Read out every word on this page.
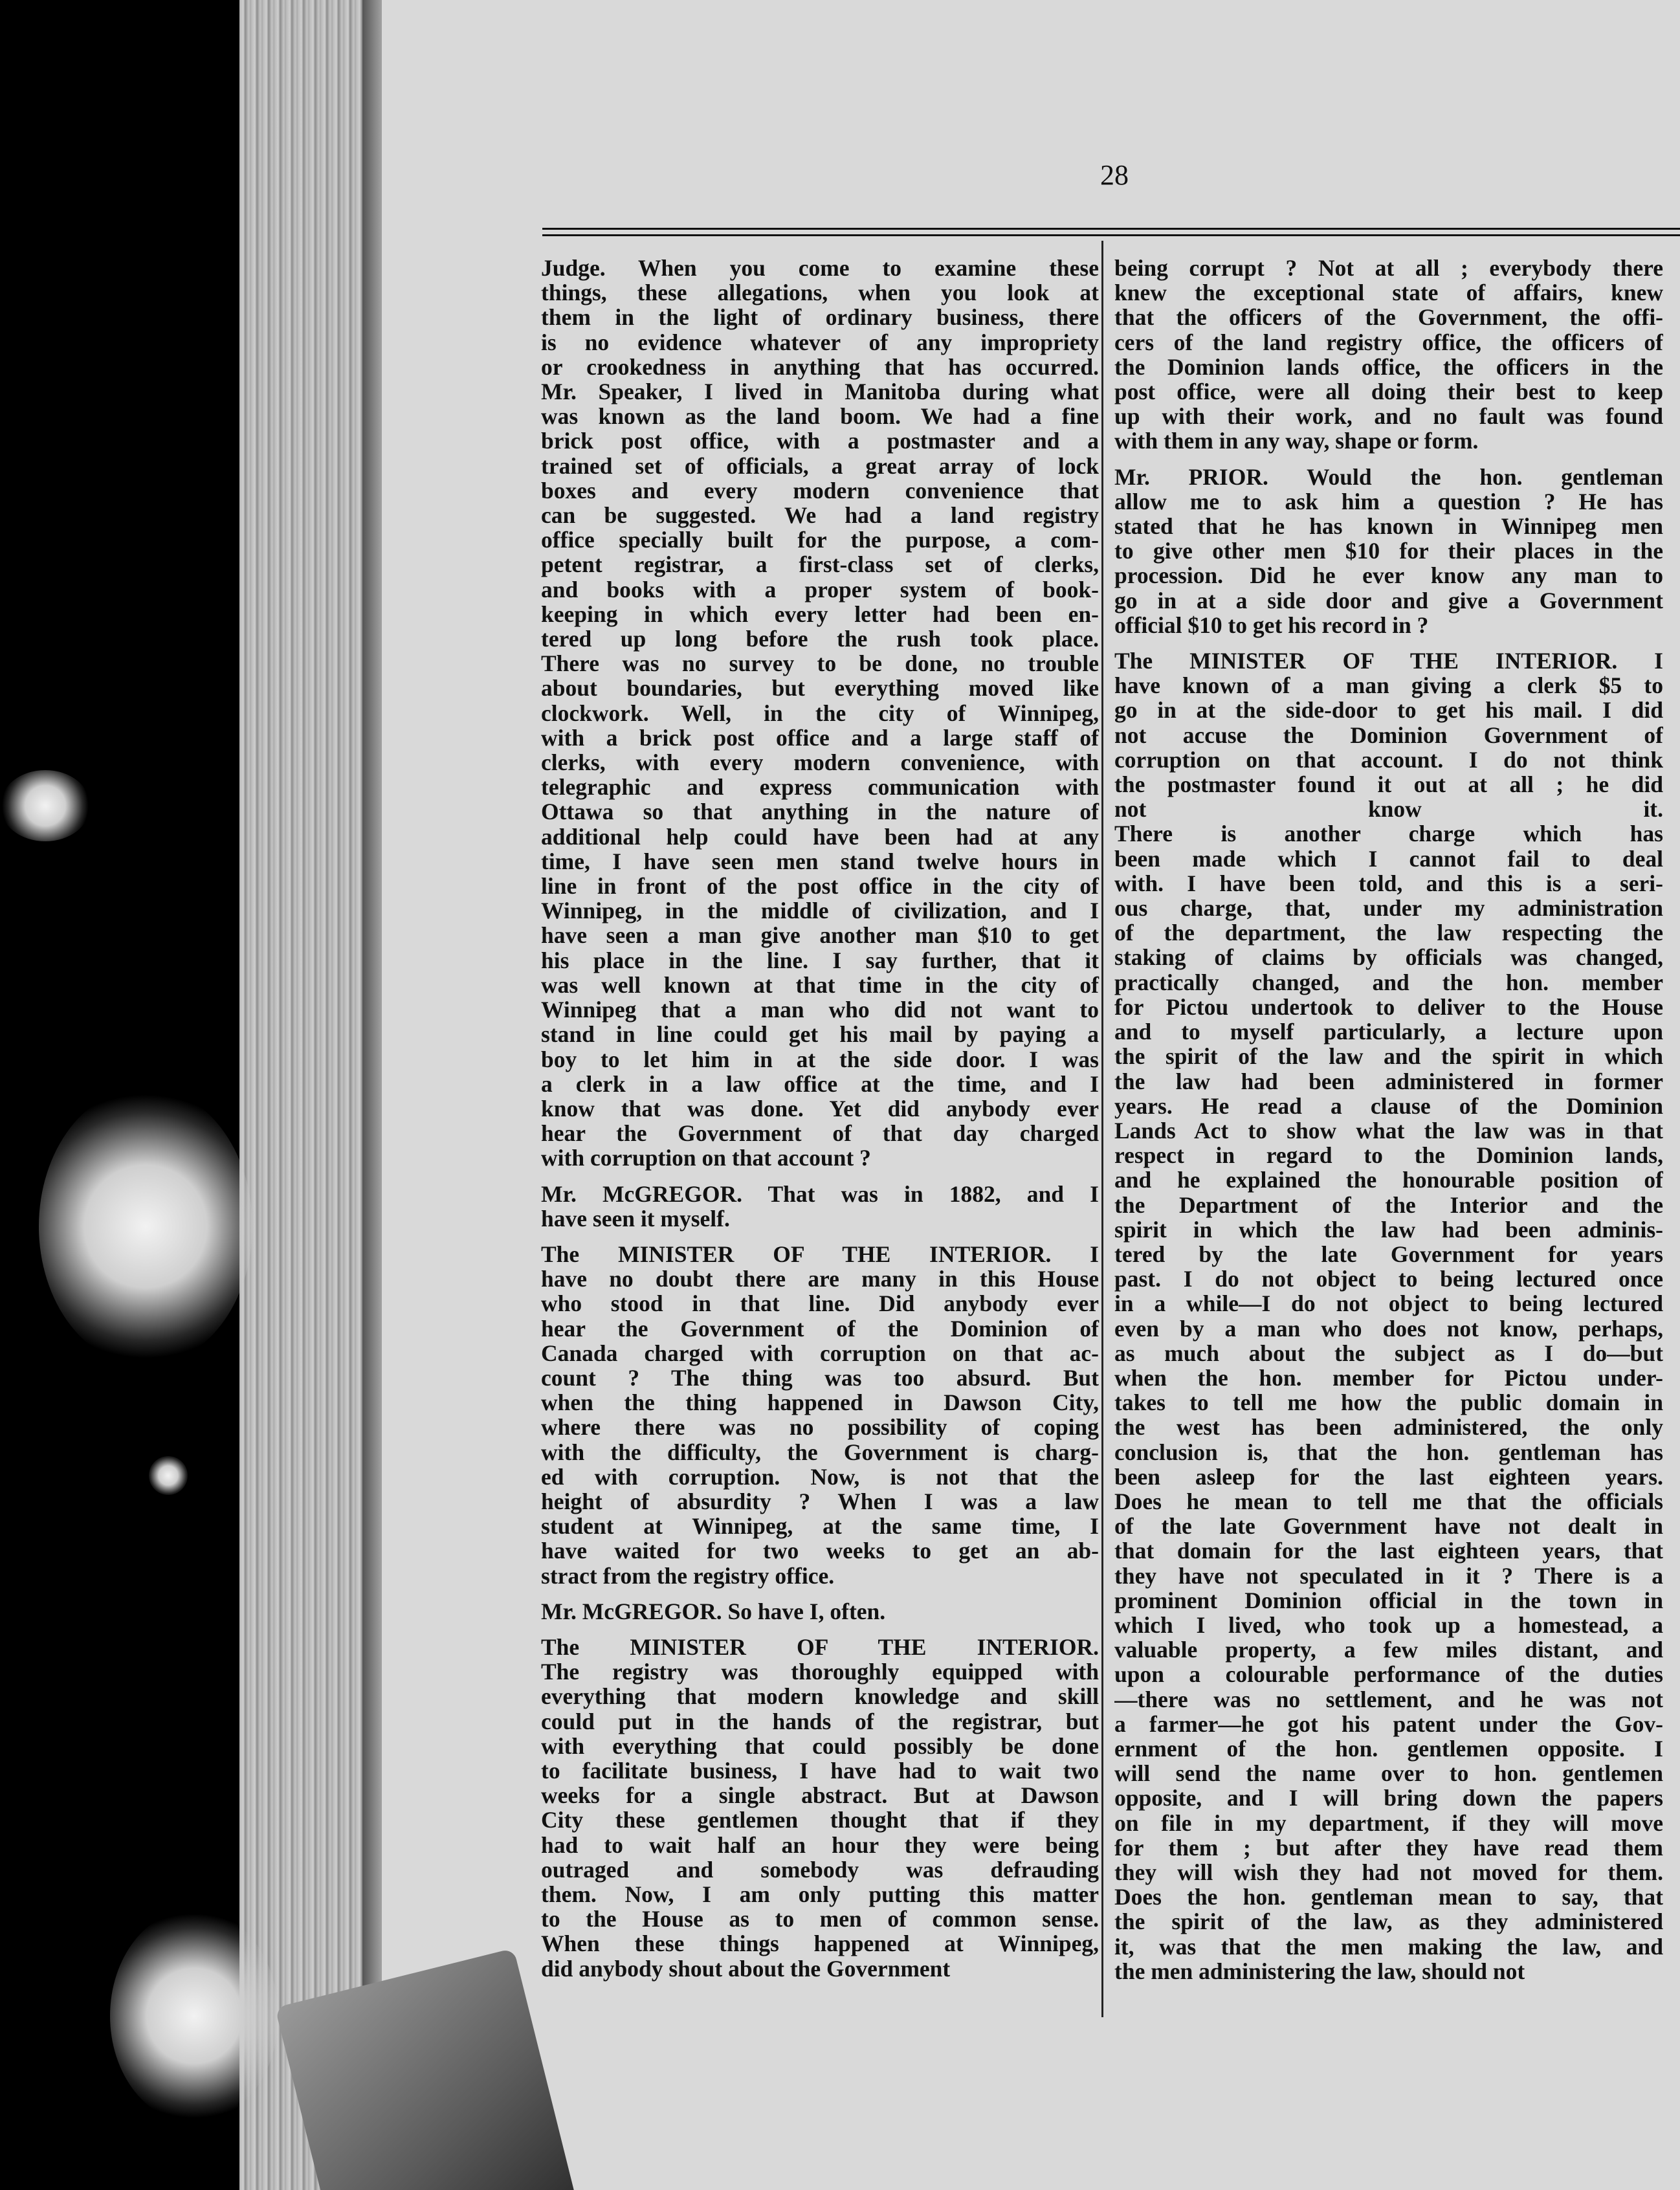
28
Judge. When you come to examine these
things, these allegations, when you look at
them in the light of ordinary business, there
is no evidence whatever of any impropriety
or crookedness in anything that has occurred.
Mr. Speaker, I lived in Manitoba during what
was known as the land boom. We had a fine
brick post office, with a postmaster and a
trained set of officials, a great array of lock
boxes and every modern convenience that
can be suggested. We had a land registry
office specially built for the purpose, a com-
petent registrar, a first-class set of clerks,
and books with a proper system of book-
keeping in which every letter had been en-
tered up long before the rush took place.
There was no survey to be done, no trouble
about boundaries, but everything moved like
clockwork. Well, in the city of Winnipeg,
with a brick post office and a large staff of
clerks, with every modern convenience, with
telegraphic and express communication with
Ottawa so that anything in the nature of
additional help could have been had at any
time, I have seen men stand twelve hours in
line in front of the post office in the city of
Winnipeg, in the middle of civilization, and I
have seen a man give another man $10 to get
his place in the line. I say further, that it
was well known at that time in the city of
Winnipeg that a man who did not want to
stand in line could get his mail by paying a
boy to let him in at the side door. I was
a clerk in a law office at the time, and I
know that was done. Yet did anybody ever
hear the Government of that day charged
with corruption on that account ?
Mr. McGREGOR. That was in 1882, and I
have seen it myself.
The MINISTER OF THE INTERIOR. I
have no doubt there are many in this House
who stood in that line. Did anybody ever
hear the Government of the Dominion of
Canada charged with corruption on that ac-
count ? The thing was too absurd. But
when the thing happened in Dawson City,
where there was no possibility of coping
with the difficulty, the Government is charg-
ed with corruption. Now, is not that the
height of absurdity ? When I was a law
student at Winnipeg, at the same time, I
have waited for two weeks to get an ab-
stract from the registry office.
Mr. McGREGOR. So have I, often.
The MINISTER OF THE INTERIOR.
The registry was thoroughly equipped with
everything that modern knowledge and skill
could put in the hands of the registrar, but
with everything that could possibly be done
to facilitate business, I have had to wait two
weeks for a single abstract. But at Dawson
City these gentlemen thought that if they
had to wait half an hour they were being
outraged and somebody was defrauding
them. Now, I am only putting this matter
to the House as to men of common sense.
When these things happened at Winnipeg,
did anybody shout about the Government
being corrupt ? Not at all ; everybody there
knew the exceptional state of affairs, knew
that the officers of the Government, the offi-
cers of the land registry office, the officers of
the Dominion lands office, the officers in the
post office, were all doing their best to keep
up with their work, and no fault was found
with them in any way, shape or form.
Mr. PRIOR. Would the hon. gentleman
allow me to ask him a question ? He has
stated that he has known in Winnipeg men
to give other men $10 for their places in the
procession. Did he ever know any man to
go in at a side door and give a Government
official $10 to get his record in ?
The MINISTER OF THE INTERIOR. I
have known of a man giving a clerk $5 to
go in at the side-door to get his mail. I did
not accuse the Dominion Government of
corruption on that account. I do not think
the postmaster found it out at all ; he did
not know it.
There is another charge which has
been made which I cannot fail to deal
with. I have been told, and this is a seri-
ous charge, that, under my administration
of the department, the law respecting the
staking of claims by officials was changed,
practically changed, and the hon. member
for Pictou undertook to deliver to the House
and to myself particularly, a lecture upon
the spirit of the law and the spirit in which
the law had been administered in former
years. He read a clause of the Dominion
Lands Act to show what the law was in that
respect in regard to the Dominion lands,
and he explained the honourable position of
the Department of the Interior and the
spirit in which the law had been adminis-
tered by the late Government for years
past. I do not object to being lectured once
in a while—I do not object to being lectured
even by a man who does not know, perhaps,
as much about the subject as I do—but
when the hon. member for Pictou under-
takes to tell me how the public domain in
the west has been administered, the only
conclusion is, that the hon. gentleman has
been asleep for the last eighteen years.
Does he mean to tell me that the officials
of the late Government have not dealt in
that domain for the last eighteen years, that
they have not speculated in it ? There is a
prominent Dominion official in the town in
which I lived, who took up a homestead, a
valuable property, a few miles distant, and
upon a colourable performance of the duties
—there was no settlement, and he was not
a farmer—he got his patent under the Gov-
ernment of the hon. gentlemen opposite. I
will send the name over to hon. gentlemen
opposite, and I will bring down the papers
on file in my department, if they will move
for them ; but after they have read them
they will wish they had not moved for them.
Does the hon. gentleman mean to say, that
the spirit of the law, as they administered
it, was that the men making the law, and
the men administering the law, should not
